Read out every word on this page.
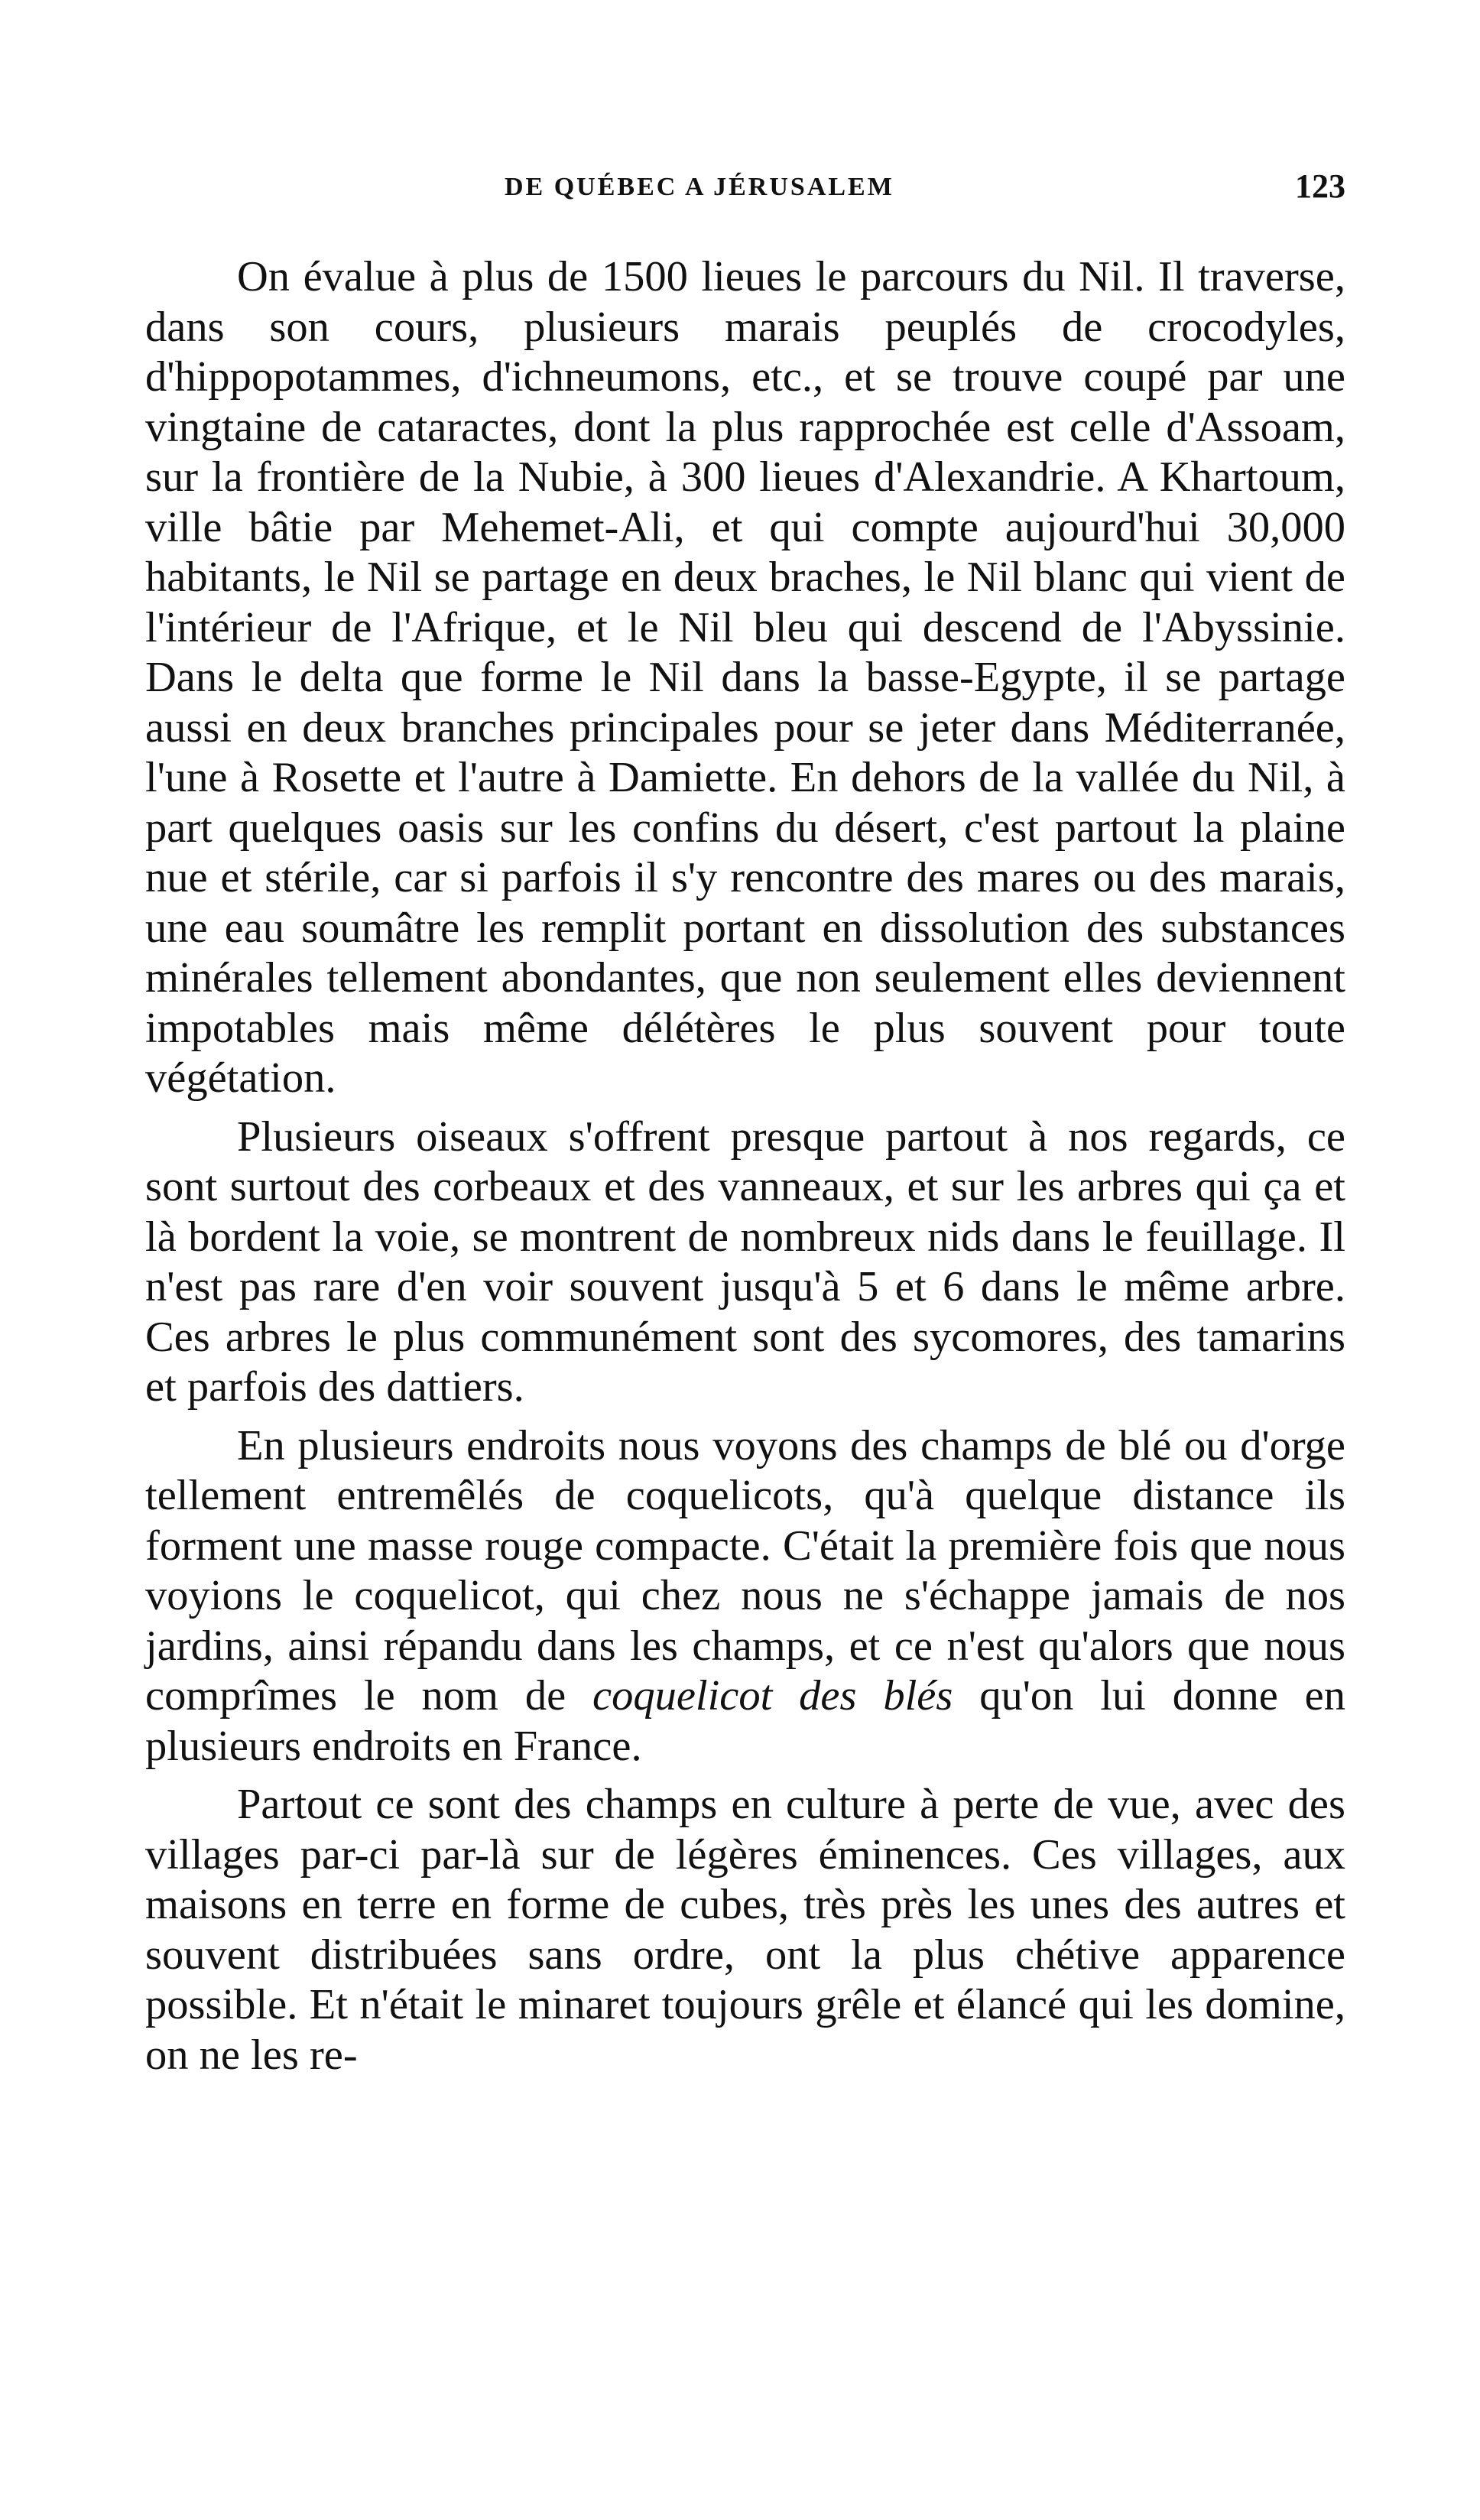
DE QUÉBEC A JÉRUSALEM	123

On évalue à plus de 1500 lieues le parcours du Nil. Il traverse, dans son cours, plusieurs marais peuplés de crocodyles, d'hippopotammes, d'ichneumons, etc., et se trouve coupé par une vingtaine de cataractes, dont la plus rapprochée est celle d'Assoam, sur la frontière de la Nubie, à 300 lieues d'Alexandrie. A Khartoum, ville bâtie par Mehemet-Ali, et qui compte aujourd'hui 30,000 habitants, le Nil se partage en deux braches, le Nil blanc qui vient de l'intérieur de l'Afrique, et le Nil bleu qui descend de l'Abyssinie. Dans le delta que forme le Nil dans la basse-Egypte, il se partage aussi en deux branches principales pour se jeter dans Méditerranée, l'une à Rosette et l'autre à Damiette. En dehors de la vallée du Nil, à part quelques oasis sur les confins du désert, c'est partout la plaine nue et stérile, car si parfois il s'y rencontre des mares ou des marais, une eau soumâtre les remplit portant en dissolution des substances minérales tellement abondantes, que non seulement elles deviennent impotables mais même délétères le plus souvent pour toute végétation.

Plusieurs oiseaux s'offrent presque partout à nos regards, ce sont surtout des corbeaux et des vanneaux, et sur les arbres qui ça et là bordent la voie, se montrent de nombreux nids dans le feuillage. Il n'est pas rare d'en voir souvent jusqu'à 5 et 6 dans le même arbre. Ces arbres le plus communément sont des sycomores, des tamarins et parfois des dattiers.

En plusieurs endroits nous voyons des champs de blé ou d'orge tellement entremêlés de coquelicots, qu'à quelque distance ils forment une masse rouge compacte. C'était la première fois que nous voyions le coquelicot, qui chez nous ne s'échappe jamais de nos jardins, ainsi répandu dans les champs, et ce n'est qu'alors que nous comprîmes le nom de coquelicot des blés qu'on lui donne en plusieurs endroits en France.

Partout ce sont des champs en culture à perte de vue, avec des villages par-ci par-là sur de légères éminences. Ces villages, aux maisons en terre en forme de cubes, très près les unes des autres et souvent distribuées sans ordre, ont la plus chétive apparence possible. Et n'était le minaret toujours grêle et élancé qui les domine, on ne les re-
